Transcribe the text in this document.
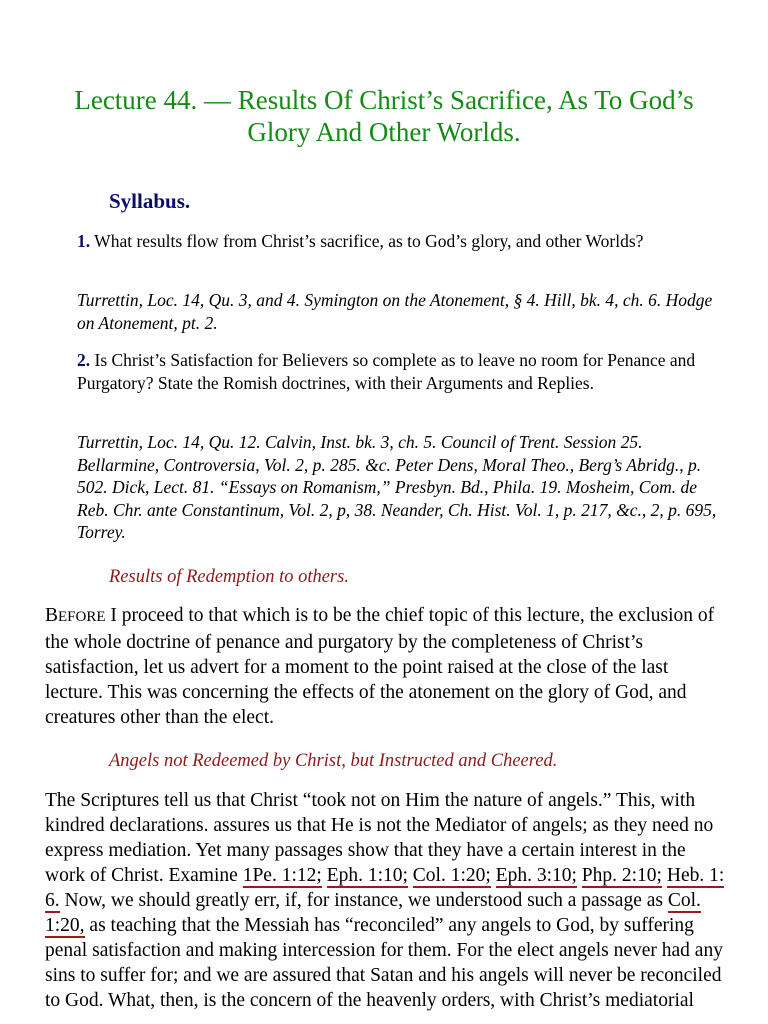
Lecture 44. — Results Of Christ’s Sacrifice, As To God’s
Glory And Other Worlds.
Syllabus.
1. What results flow from Christ’s sacrifice, as to God’s glory, and other Worlds?
Turrettin, Loc. 14, Qu. 3, and 4. Symington on the Atonement, § 4. Hill, bk. 4, ch. 6. Hodge on Atonement, pt. 2.
2. Is Christ’s Satisfaction for Believers so complete as to leave no room for Penance and Purgatory? State the Romish doctrines, with their Arguments and Replies.
Turrettin, Loc. 14, Qu. 12. Calvin, Inst. bk. 3, ch. 5. Council of Trent. Session 25. Bellarmine, Controversia, Vol. 2, p. 285. &c. Peter Dens, Moral Theo., Berg’s Abridg., p. 502. Dick, Lect. 81. “Essays on Romanism,” Presbyn. Bd., Phila. 19. Mosheim, Com. de Reb. Chr. ante Constantinum, Vol. 2, p, 38. Neander, Ch. Hist. Vol. 1, p. 217, &c., 2, p. 695, Torrey.
Results of Redemption to others.
BEFORE I proceed to that which is to be the chief topic of this lecture, the exclusion of the whole doctrine of penance and purgatory by the completeness of Christ’s satisfaction, let us advert for a moment to the point raised at the close of the last lecture. This was concerning the effects of the atonement on the glory of God, and creatures other than the elect.
Angels not Redeemed by Christ, but Instructed and Cheered.
The Scriptures tell us that Christ “took not on Him the nature of angels.” This, with kindred declarations. assures us that He is not the Mediator of angels; as they need no express mediation. Yet many passages show that they have a certain interest in the work of Christ. Examine 1Pe. 1:12; Eph. 1:10; Col. 1:20; Eph. 3:10; Php. 2:10; Heb. 1: 6. Now, we should greatly err, if, for instance, we understood such a passage as Col. 1:20, as teaching that the Messiah has “reconciled” any angels to God, by suffering penal satisfaction and making intercession for them. For the elect angels never had any sins to suffer for; and we are assured that Satan and his angels will never be reconciled to God. What, then, is the concern of the heavenly orders, with Christ’s mediatorial
